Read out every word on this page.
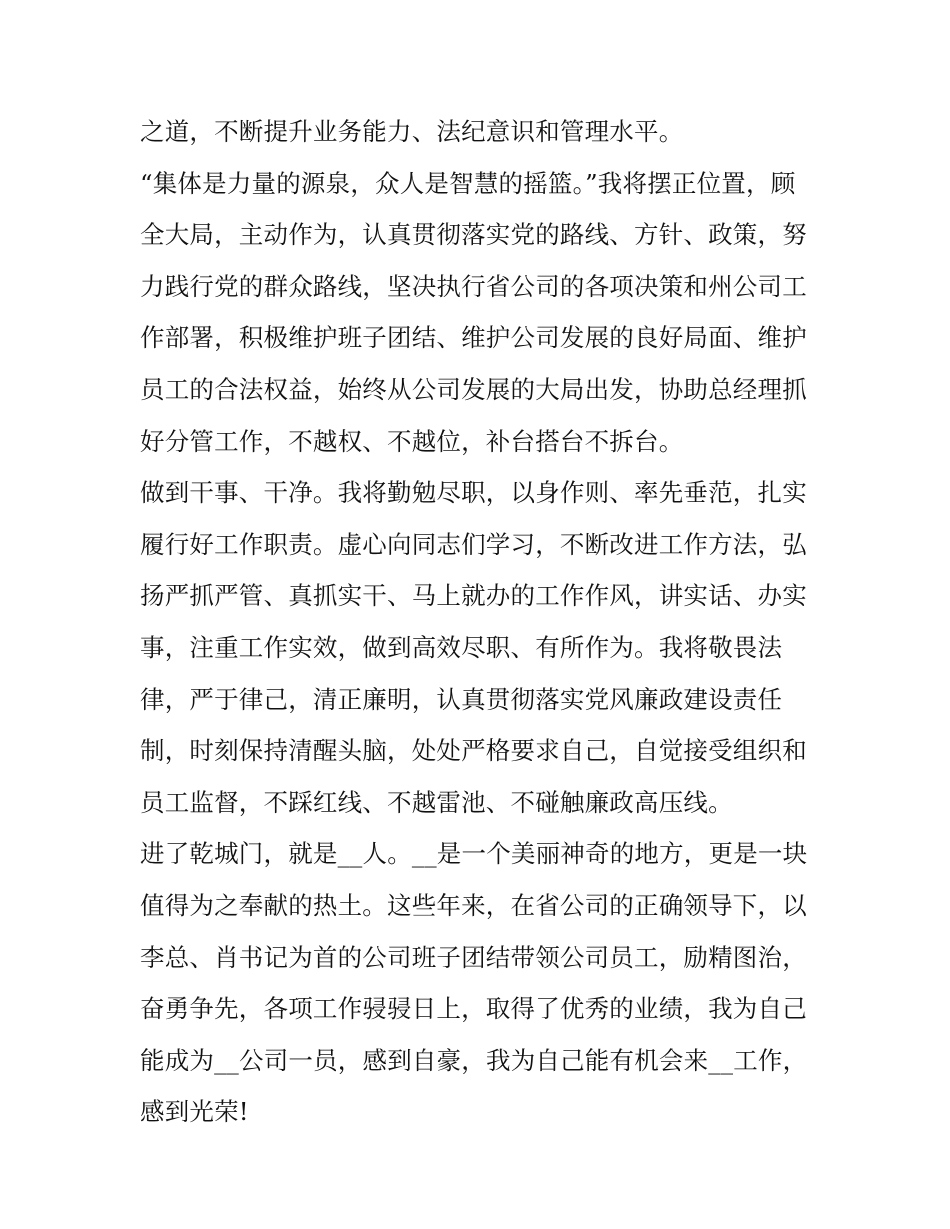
之道，不断提升业务能力、法纪意识和管理水平。
“集体是力量的源泉，众人是智慧的摇篮。”我将摆正位置，顾
全大局，主动作为，认真贯彻落实党的路线、方针、政策，努
力践行党的群众路线，坚决执行省公司的各项决策和州公司工
作部署，积极维护班子团结、维护公司发展的良好局面、维护
员工的合法权益，始终从公司发展的大局出发，协助总经理抓
好分管工作，不越权、不越位，补台搭台不拆台。
做到干事、干净。我将勤勉尽职，以身作则、率先垂范，扎实
履行好工作职责。虚心向同志们学习，不断改进工作方法，弘
扬严抓严管、真抓实干、马上就办的工作作风，讲实话、办实
事，注重工作实效，做到高效尽职、有所作为。我将敬畏法
律，严于律己，清正廉明，认真贯彻落实党风廉政建设责任
制，时刻保持清醒头脑，处处严格要求自己，自觉接受组织和
员工监督，不踩红线、不越雷池、不碰触廉政高压线。
进了乾城门，就是__人。__是一个美丽神奇的地方，更是一块
值得为之奉献的热土。这些年来，在省公司的正确领导下，以
李总、肖书记为首的公司班子团结带领公司员工，励精图治，
奋勇争先，各项工作骎骎日上，取得了优秀的业绩，我为自己
能成为__公司一员，感到自豪，我为自己能有机会来__工作，
感到光荣!
